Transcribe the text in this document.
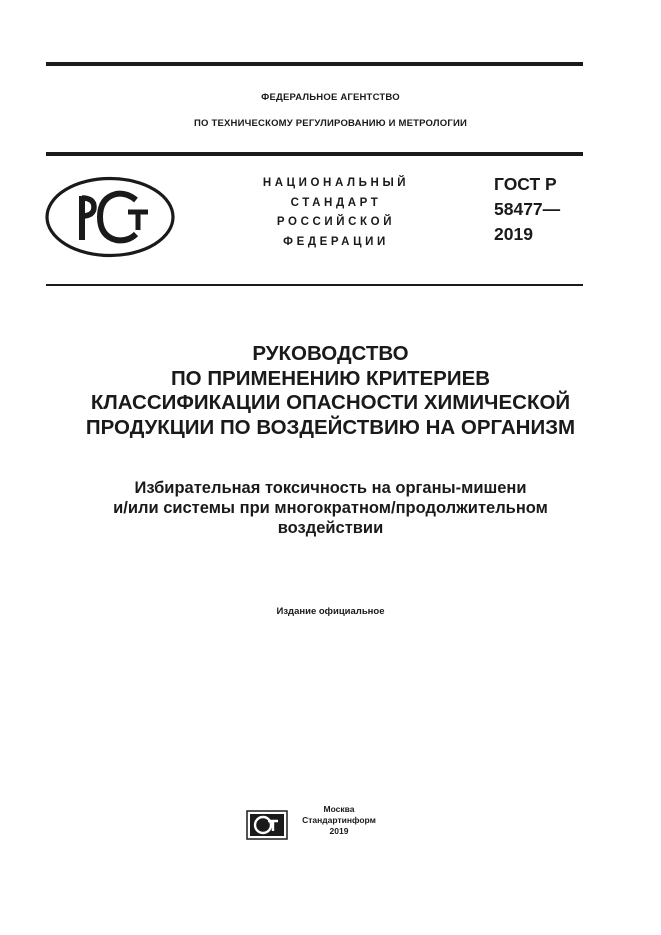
ФЕДЕРАЛЬНОЕ АГЕНТСТВО
ПО ТЕХНИЧЕСКОМУ РЕГУЛИРОВАНИЮ И МЕТРОЛОГИИ
НАЦИОНАЛЬНЫЙ
СТАНДАРТ
РОССИЙСКОЙ
ФЕДЕРАЦИИ
ГОСТ Р
58477—
2019
РУКОВОДСТВО
ПО ПРИМЕНЕНИЮ КРИТЕРИЕВ
КЛАССИФИКАЦИИ ОПАСНОСТИ ХИМИЧЕСКОЙ
ПРОДУКЦИИ ПО ВОЗДЕЙСТВИЮ НА ОРГАНИЗМ
Избирательная токсичность на органы-мишени
и/или системы при многократном/продолжительном
воздействии
Издание официальное
Москва
Стандартинформ
2019
